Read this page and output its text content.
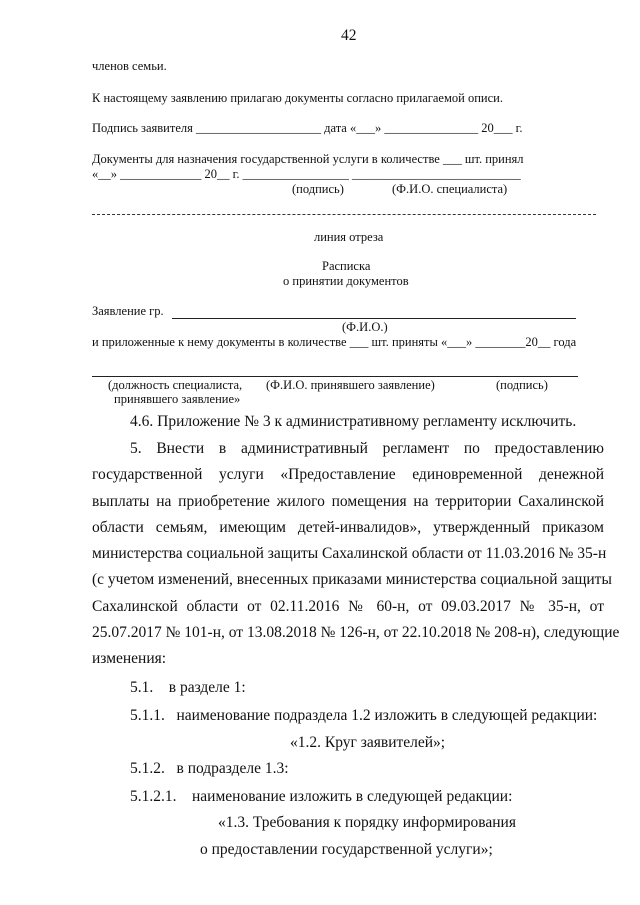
42
членов семьи.
К настоящему заявлению прилагаю документы согласно прилагаемой описи.
Подпись заявителя ____________________ дата «___» _______________ 20___ г.
Документы для назначения государственной услуги в количестве ___ шт. принял
«__» _____________ 20__ г. _________________ ___________________________
(подпись)	(Ф.И.О. специалиста)
линия отреза
Расписка
о принятии документов
Заявление гр.
(Ф.И.О.)
и приложенные к нему документы в количестве ___ шт. приняты «___» ________20__ года
(должность специалиста,
принявшего заявление»
(Ф.И.О. принявшего заявление)	(подпись)
4.6. Приложение № 3 к административному регламенту исключить.
5. Внести в административный регламент по предоставлению
государственной услуги «Предоставление единовременной денежной
выплаты на приобретение жилого помещения на территории Сахалинской
области семьям, имеющим детей-инвалидов», утвержденный приказом
министерства социальной защиты Сахалинской области от 11.03.2016 № 35-н
(с учетом изменений, внесенных приказами министерства социальной защиты
Сахалинской области от 02.11.2016 № 60-н, от 09.03.2017 № 35-н, от
25.07.2017 № 101-н, от 13.08.2018 № 126-н, от 22.10.2018 № 208-н), следующие
изменения:
5.1.    в разделе 1:
5.1.1.   наименование подраздела 1.2 изложить в следующей редакции:
«1.2. Круг заявителей»;
5.1.2.   в подразделе 1.3:
5.1.2.1.    наименование изложить в следующей редакции:
«1.3. Требования к порядку информирования
о предоставлении государственной услуги»;
